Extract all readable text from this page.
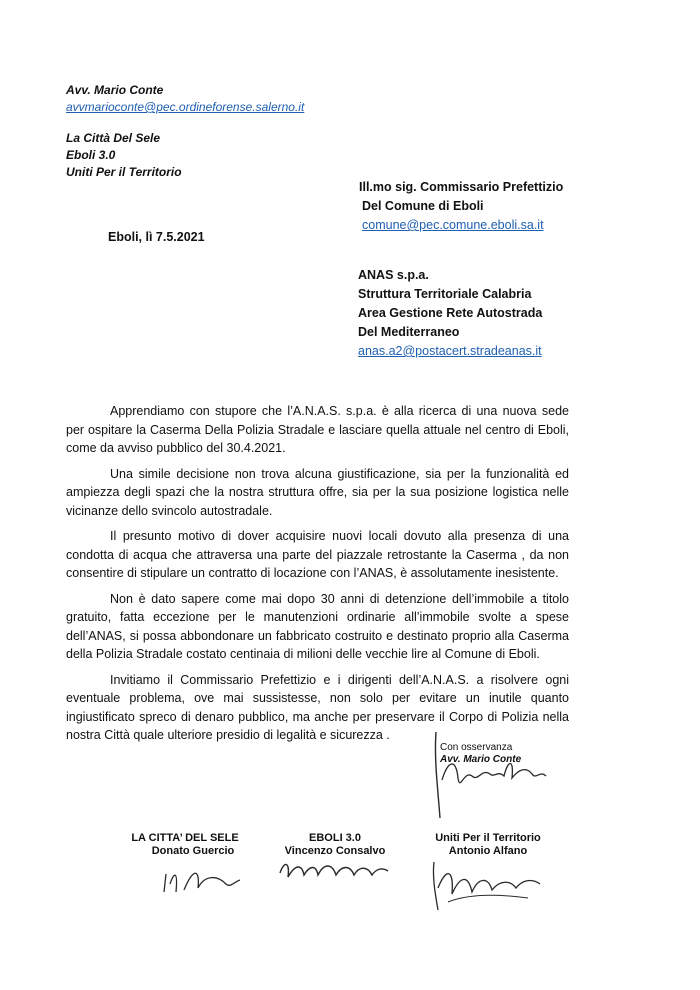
Avv. Mario Conte
avvmarioconte@pec.ordineforense.salerno.it
La Città Del Sele
Eboli 3.0
Uniti Per il Territorio
Ill.mo sig. Commissario Prefettizio
Del Comune di Eboli
comune@pec.comune.eboli.sa.it
Eboli, lì 7.5.2021
ANAS s.p.a.
Struttura Territoriale Calabria
Area Gestione Rete Autostrada
Del Mediterraneo
anas.a2@postacert.stradeanas.it

Apprendiamo con stupore che l’A.N.A.S. s.p.a. è alla ricerca di una nuova sede per ospitare la Caserma Della Polizia Stradale e lasciare quella attuale nel centro di Eboli, come da avviso pubblico del 30.4.2021.

Una simile decisione non trova alcuna giustificazione, sia per la funzionalità ed ampiezza degli spazi che la nostra struttura offre, sia per la sua posizione logistica nelle vicinanze dello svincolo autostradale.

Il presunto motivo di dover acquisire nuovi locali dovuto alla presenza di una condotta di acqua che attraversa una parte del piazzale retrostante la Caserma , da non consentire di stipulare un contratto di locazione con l’ANAS, è assolutamente inesistente.

Non è dato sapere come mai dopo 30 anni di detenzione dell’immobile a titolo gratuito, fatta eccezione per le manutenzioni ordinarie all’immobile svolte a spese dell’ANAS, si possa abbondonare un fabbricato costruito e destinato proprio alla Caserma della Polizia Stradale costato centinaia di milioni delle vecchie lire al Comune di Eboli.

Invitiamo il Commissario Prefettizio e i dirigenti dell’A.N.A.S. a risolvere ogni eventuale problema, ove mai sussistesse, non solo per evitare un inutile quanto ingiustificato spreco di denaro pubblico, ma anche per preservare il Corpo di Polizia nella nostra Città quale ulteriore presidio di legalità e sicurezza .

Con osservanza
Avv. Mario Conte
LA CITTA’ DEL SELE
Donato Guercio
EBOLI 3.0
Vincenzo Consalvo
Uniti Per il Territorio
Antonio Alfano
